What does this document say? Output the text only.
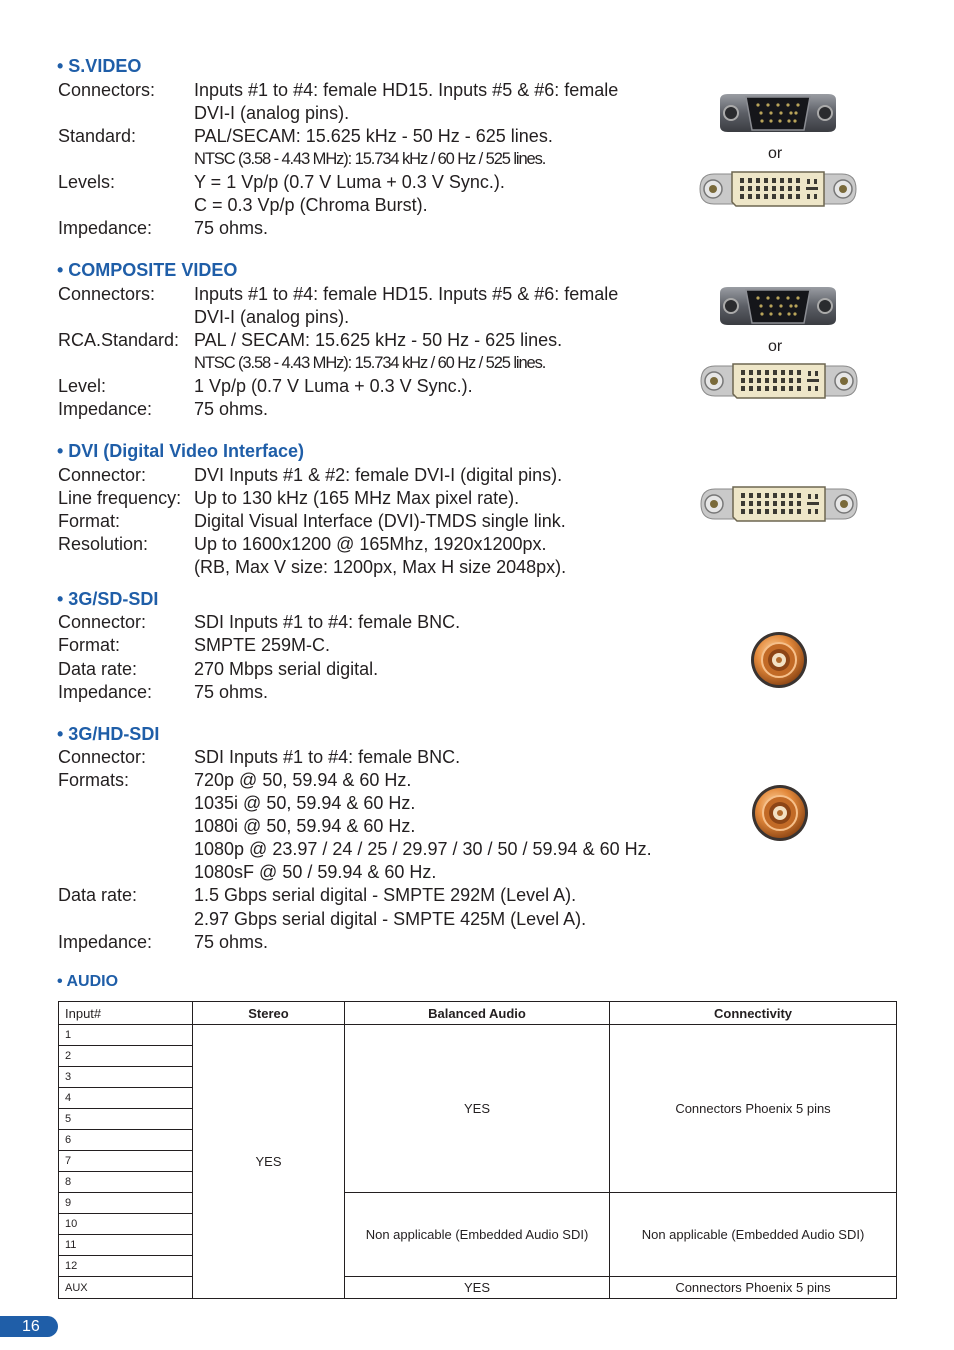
• S.VIDEO
Connectors: Inputs #1 to #4: female HD15. Inputs #5 & #6: female
DVI-I (analog pins).
Standard:	PAL/SECAM: 15.625 kHz - 50 Hz - 625 lines.
NTSC (3.58 - 4.43 MHz): 15.734 kHz / 60 Hz / 525 lines.
Levels:	Y = 1 Vp/p (0.7 V Luma + 0.3 V Sync.).
C = 0.3 Vp/p (Chroma Burst).
Impedance: 75 ohms.
• COMPOSITE VIDEO
Connectors: Inputs #1 to #4: female HD15. Inputs #5 & #6: female
DVI-I (analog pins).
RCA.Standard: PAL / SECAM: 15.625 kHz - 50 Hz - 625 lines.
NTSC (3.58 - 4.43 MHz): 15.734 kHz / 60 Hz / 525 lines.
Level:	1 Vp/p (0.7 V Luma + 0.3 V Sync.).
Impedance: 75 ohms.
• DVI (Digital Video Interface)
Connector:	DVI Inputs #1 & #2: female DVI-I (digital pins).
Line frequency: Up to 130 kHz (165 MHz Max pixel rate).
Format:	Digital Visual Interface (DVI)-TMDS single link.
Resolution:	Up to 1600x1200 @ 165Mhz, 1920x1200px.
(RB, Max V size: 1200px, Max H size 2048px).
• 3G/SD-SDI
Connector:	SDI Inputs #1 to #4: female BNC.
Format:	SMPTE 259M-C.
Data rate:	270 Mbps serial digital.
Impedance: 75 ohms.
• 3G/HD-SDI
Connector:	SDI Inputs #1 to #4: female BNC.
Formats:	720p @ 50, 59.94 & 60 Hz.
1035i @ 50, 59.94 & 60 Hz.
1080i @ 50, 59.94 & 60 Hz.
1080p @ 23.97 / 24 / 25 / 29.97 / 30 / 50 / 59.94 & 60 Hz.
1080sF @ 50 / 59.94 & 60 Hz.
Data rate:	1.5 Gbps serial digital - SMPTE 292M (Level A).
2.97 Gbps serial digital - SMPTE 425M (Level A).
Impedance: 75 ohms.
• AUDIO
or
or
Input#	Stereo	Balanced Audio	Connectivity
1	YES	YES	Connectors Phoenix 5 pins
2			
3			
4			
5			
6			
7			
8			
9		Non applicable (Embedded Audio SDI)	Non applicable (Embedded Audio SDI)
10			
11			
12			
AUX		YES	Connectors Phoenix 5 pins
16
